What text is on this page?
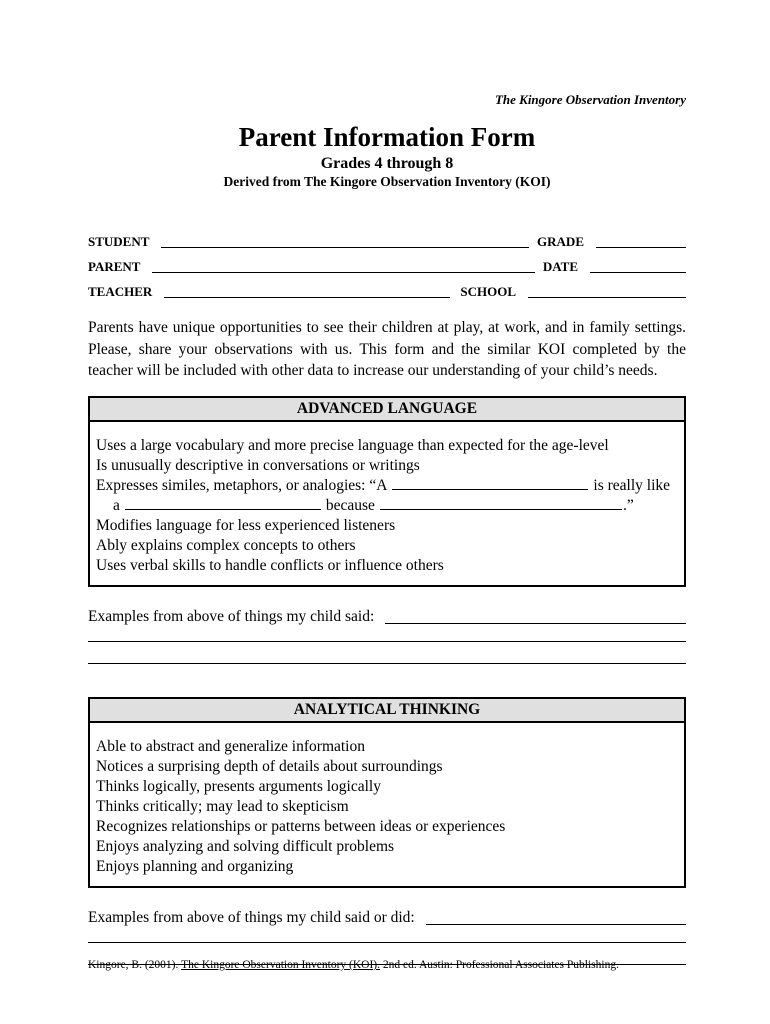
The Kingore Observation Inventory
Parent Information Form
Grades 4 through 8
Derived from The Kingore Observation Inventory (KOI)
STUDENT	GRADE
PARENT	DATE
TEACHER	SCHOOL

Parents have unique opportunities to see their children at play, at work, and in family settings. Please, share your observations with us. This form and the similar KOI completed by the teacher will be included with other data to increase our understanding of your child’s needs.

ADVANCED LANGUAGE
Uses a large vocabulary and more precise language than expected for the age-level
Is unusually descriptive in conversations or writings
Expresses similes, metaphors, or analogies: “A	is really like
a	because	.”
Modifies language for less experienced listeners
Ably explains complex concepts to others
Uses verbal skills to handle conflicts or influence others
Examples from above of things my child said:
ANALYTICAL THINKING
Able to abstract and generalize information
Notices a surprising depth of details about surroundings
Thinks logically, presents arguments logically
Thinks critically; may lead to skepticism
Recognizes relationships or patterns between ideas or experiences
Enjoys analyzing and solving difficult problems
Enjoys planning and organizing
Examples from above of things my child said or did:
Kingore, B. (2001). The Kingore Observation Inventory (KOI). 2nd ed. Austin: Professional Associates Publishing.
